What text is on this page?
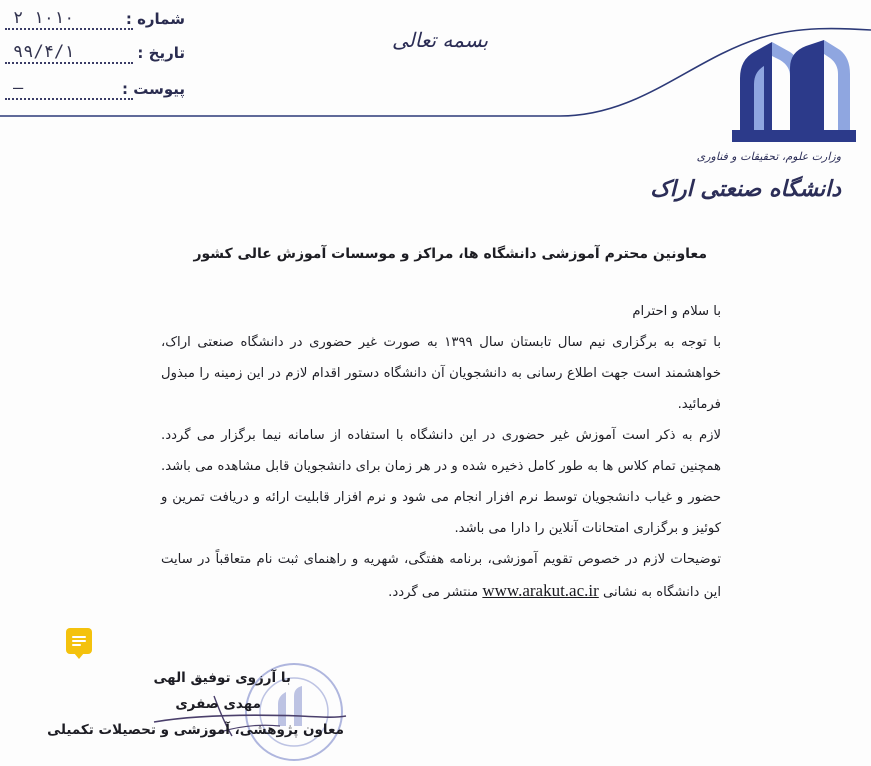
شماره :
۲ ۱۰۱۰
تاریخ :
۹۹/۴/۱
پیوست :
—
بسمه تعالی
وزارت علوم، تحقیقات و فناوری
دانشگاه صنعتی اراک
معاونین محترم آموزشی دانشگاه ها، مراکز و موسسات آموزش عالی کشور

با سلام و احترام

با توجه به برگزاری نیم سال تابستان سال ۱۳۹۹ به صورت غیر حضوری در دانشگاه صنعتی اراک، خواهشمند است جهت اطلاع رسانی به دانشجویان آن دانشگاه دستور اقدام لازم در این زمینه را مبذول فرمائید.

لازم به ذکر است آموزش غیر حضوری در این دانشگاه با استفاده از سامانه نیما برگزار می گردد. همچنین تمام کلاس ها به طور کامل ذخیره شده و در هر زمان برای دانشجویان قابل مشاهده می باشد. حضور و غیاب دانشجویان توسط نرم افزار انجام می شود و نرم افزار قابلیت ارائه و دریافت تمرین و کوئیز و برگزاری امتحانات آنلاین را دارا می باشد.

توضیحات لازم در خصوص تقویم آموزشی، برنامه هفتگی، شهریه و راهنمای ثبت نام متعاقباً در سایت این دانشگاه به نشانی www.arakut.ac.ir منتشر می گردد.

با آرزوی توفیق الهی
مهدی صفری
معاون پژوهشی، آموزشی و تحصیلات تکمیلی
